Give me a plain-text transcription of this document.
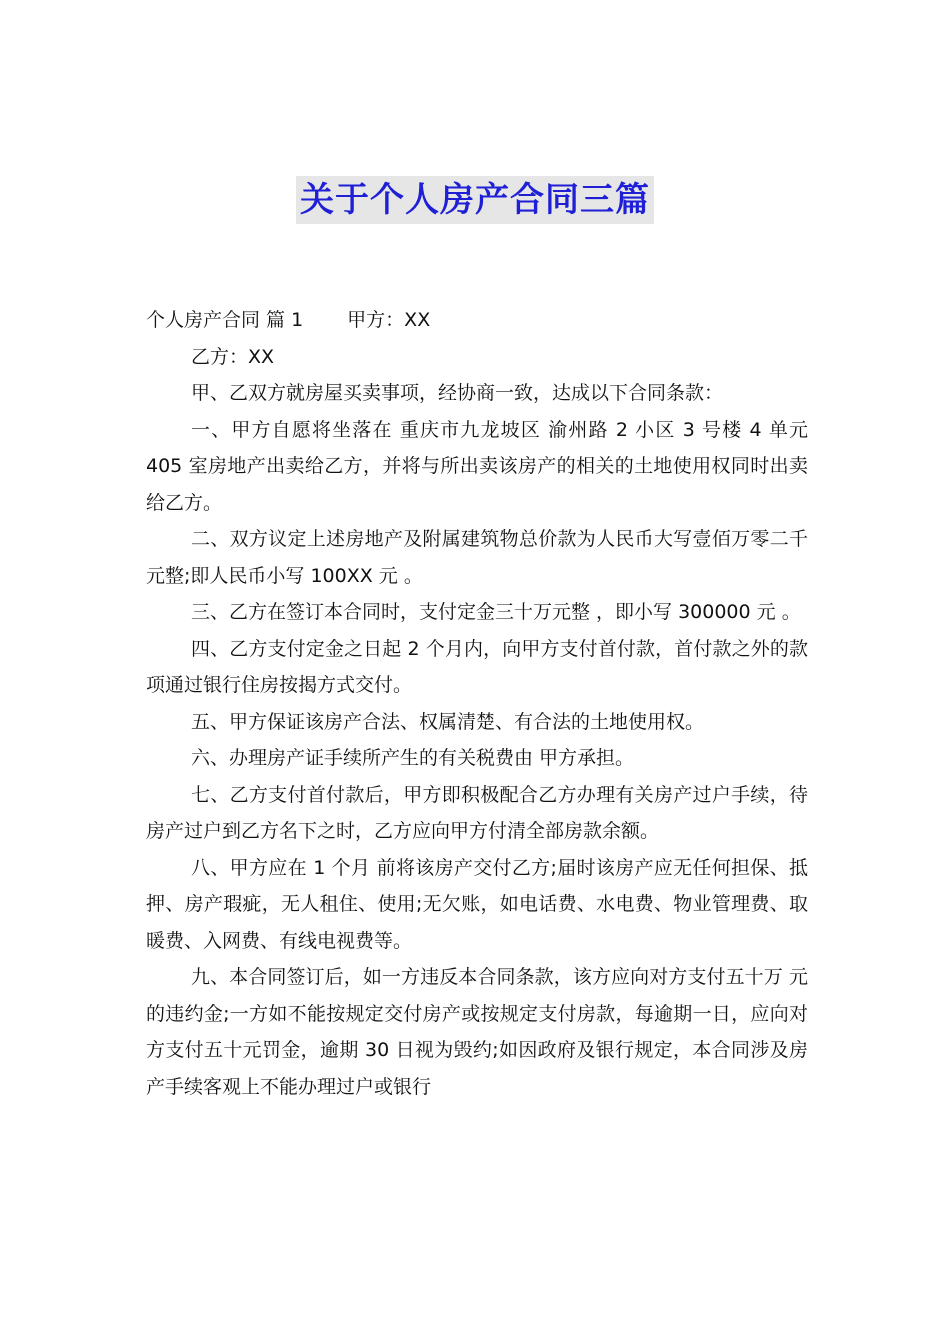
关于个人房产合同三篇

个人房产合同 篇 1 甲方：XX

乙方：XX

甲、乙双方就房屋买卖事项，经协商一致，达成以下合同条款：

一、甲方自愿将坐落在 重庆市九龙坡区 渝州路 2 小区 3 号楼 4 单元 405 室房地产出卖给乙方，并将与所出卖该房产的相关的土地使用权同时出卖给乙方。

二、双方议定上述房地产及附属建筑物总价款为人民币大写壹佰万零二千元整;即人民币小写 100XX 元 。

三、乙方在签订本合同时，支付定金三十万元整 ，即小写 300000 元 。

四、乙方支付定金之日起 2 个月内，向甲方支付首付款，首付款之外的款项通过银行住房按揭方式交付。

五、甲方保证该房产合法、权属清楚、有合法的土地使用权。

六、办理房产证手续所产生的有关税费由 甲方承担。

七、乙方支付首付款后，甲方即积极配合乙方办理有关房产过户手续，待房产过户到乙方名下之时，乙方应向甲方付清全部房款余额。

八、甲方应在 1 个月 前将该房产交付乙方;届时该房产应无任何担保、抵押、房产瑕疵，无人租住、使用;无欠账，如电话费、水电费、物业管理费、取暖费、入网费、有线电视费等。

九、本合同签订后，如一方违反本合同条款，该方应向对方支付五十万 元的违约金;一方如不能按规定交付房产或按规定支付房款，每逾期一日，应向对方支付五十元罚金，逾期 30 日视为毁约;如因政府及银行规定，本合同涉及房产手续客观上不能办理过户或银行
